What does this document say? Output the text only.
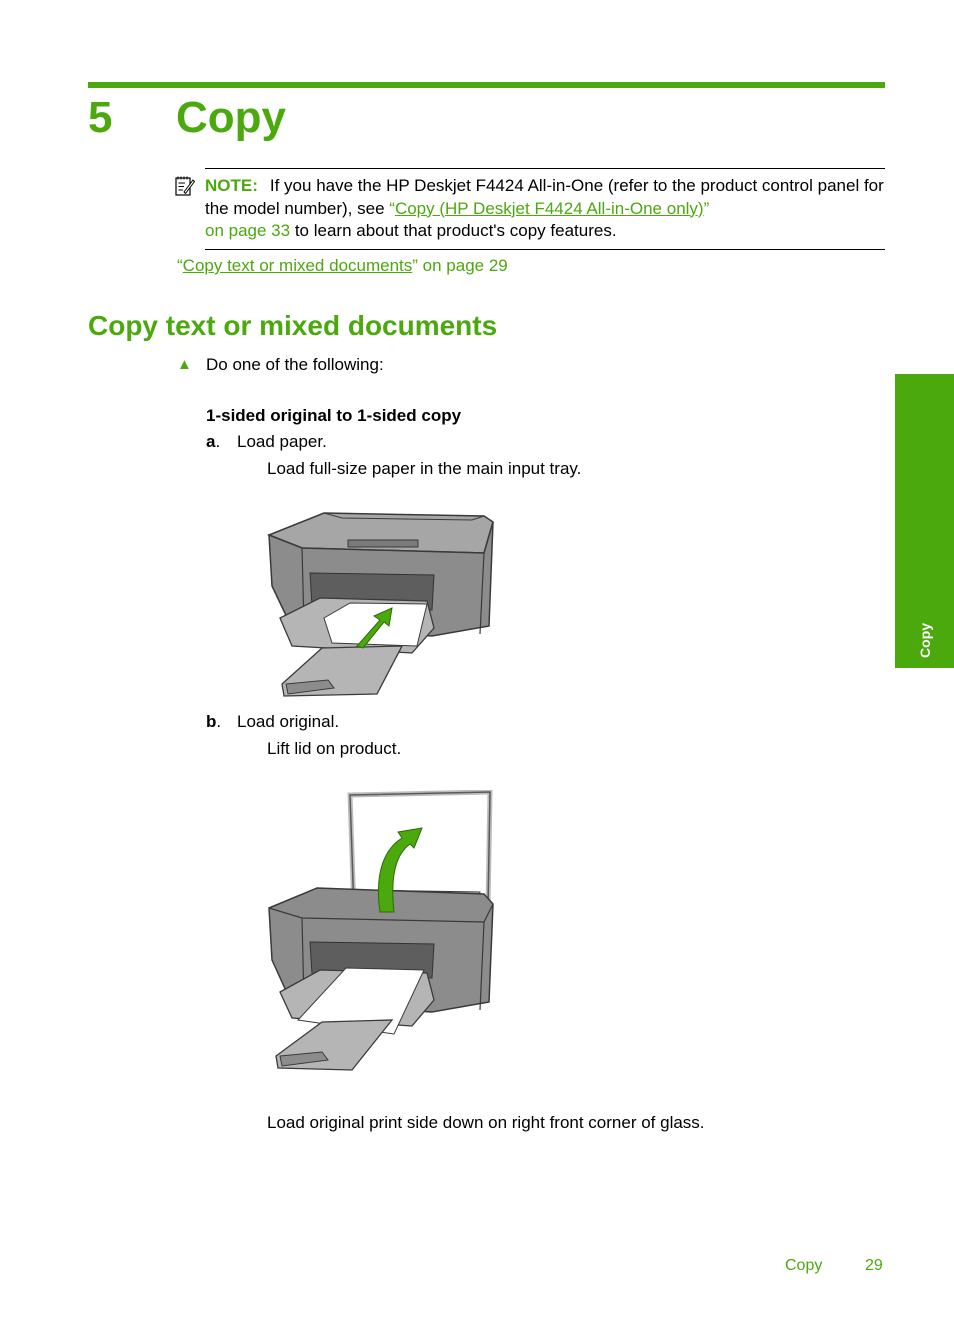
5 Copy
NOTE: If you have the HP Deskjet F4424 All-in-One (refer to the product control panel for the model number), see “Copy (HP Deskjet F4424 All-in-One only)”
on page 33 to learn about that product's copy features.
“Copy text or mixed documents” on page 29
Copy text or mixed documents
▲ Do one of the following:
1-sided original to 1-sided copy
a. Load paper.
Load full-size paper in the main input tray.
b. Load original.
Lift lid on product.
Load original print side down on right front corner of glass.
Copy
Copy	29
